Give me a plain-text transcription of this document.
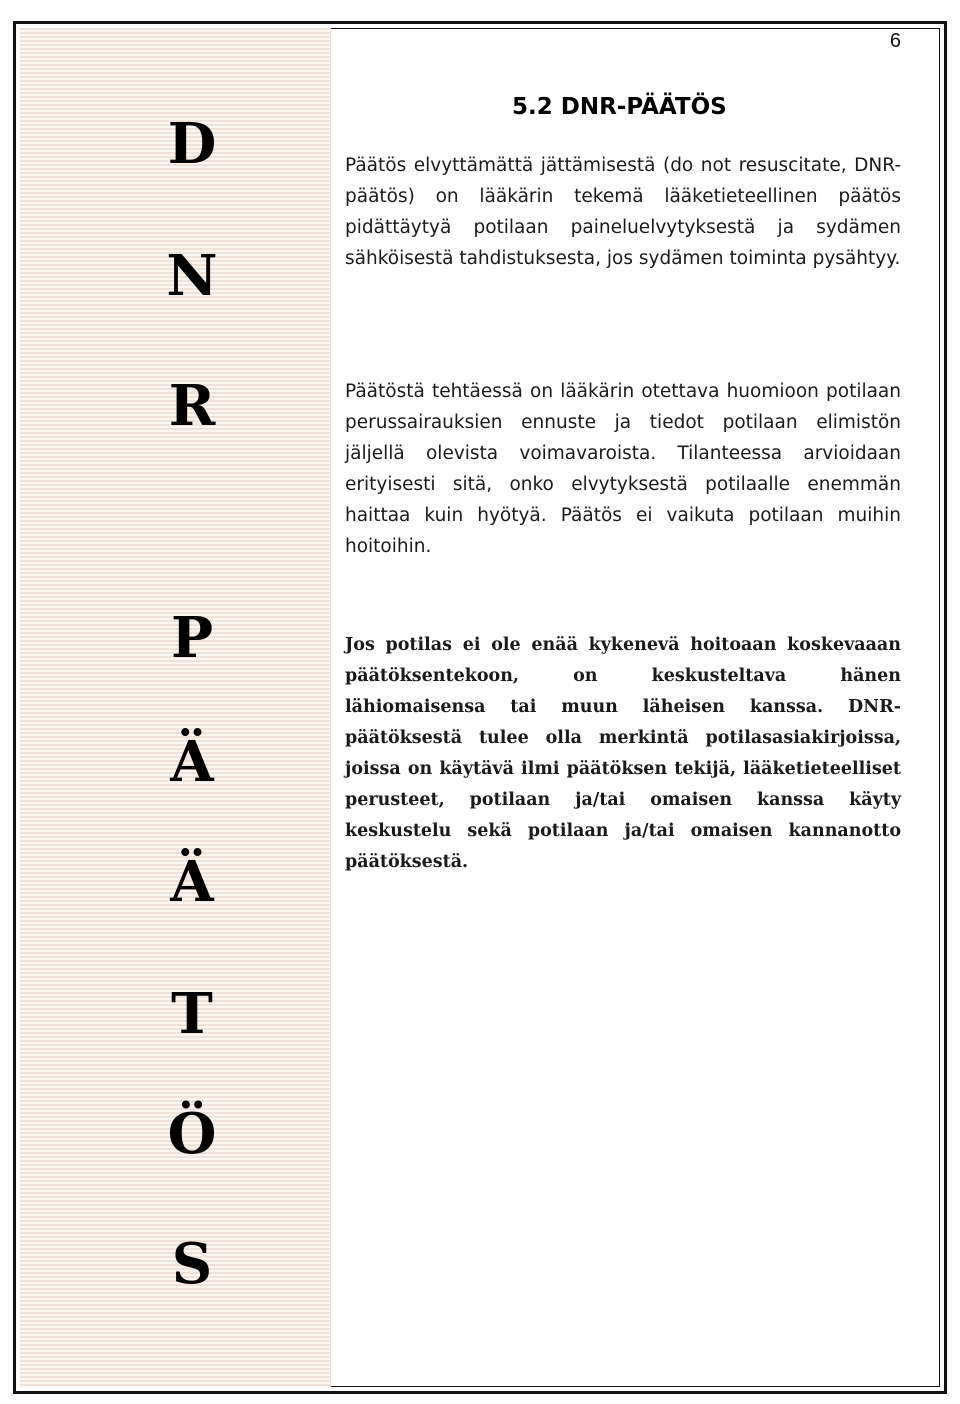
6
D
N
R
P
Ä
Ä
T
Ö
S
5.2 DNR-PÄÄTÖS

Päätös elvyttämättä jättämisestä (do not resuscitate, DNR-päätös) on lääkärin tekemä lääketieteellinen päätös pidättäytyä potilaan paineluelvytyksestä ja sydämen sähköisestä tahdistuksesta, jos sydämen toiminta pysähtyy.

Päätöstä tehtäessä on lääkärin otettava huomioon potilaan perussairauksien ennuste ja tiedot potilaan elimistön jäljellä olevista voimavaroista. Tilanteessa arvioidaan erityisesti sitä, onko elvytyksestä potilaalle enemmän haittaa kuin hyötyä. Päätös ei vaikuta potilaan muihin hoitoihin.

Jos potilas ei ole enää kykenevä hoitoaan koskevaaan päätöksentekoon, on keskusteltava hänen lähiomaisensa tai muun läheisen kanssa. DNR-päätöksestä tulee olla merkintä potilasasiakirjoissa, joissa on käytävä ilmi päätöksen tekijä, lääketieteelliset perusteet, potilaan ja/tai omaisen kanssa käyty keskustelu sekä potilaan ja/tai omaisen kannanotto päätöksestä.
